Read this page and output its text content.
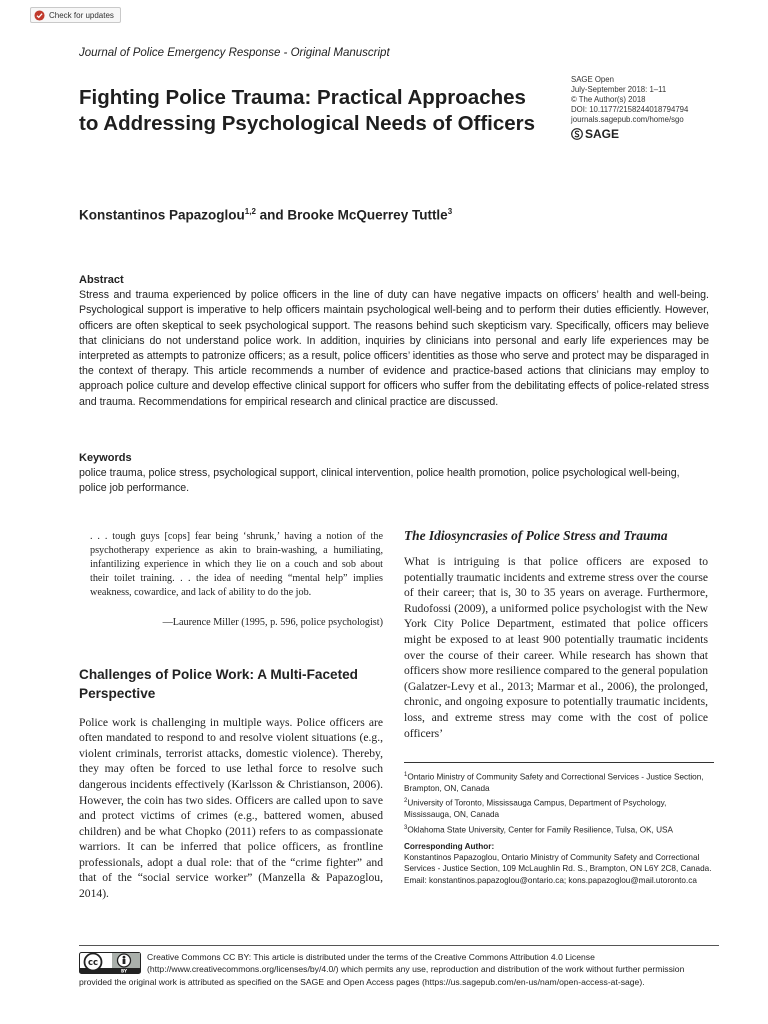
Check for updates
Journal of Police Emergency Response - Original Manuscript
SAGE Open
July-September 2018: 1–11
© The Author(s) 2018
DOI: 10.1177/2158244018794794
journals.sagepub.com/home/sgo
SAGE
Fighting Police Trauma: Practical Approaches to Addressing Psychological Needs of Officers
Konstantinos Papazoglou$^{1,2}$ and Brooke McQuerrey Tuttle$^3$
Abstract
Stress and trauma experienced by police officers in the line of duty can have negative impacts on officers’ health and well-being. Psychological support is imperative to help officers maintain psychological well-being and to perform their duties efficiently. However, officers are often skeptical to seek psychological support. The reasons behind such skepticism vary. Specifically, officers may believe that clinicians do not understand police work. In addition, inquiries by clinicians into personal and early life experiences may be interpreted as attempts to patronize officers; as a result, police officers’ identities as those who serve and protect may be disparaged in the context of therapy. This article recommends a number of evidence and practice-based actions that clinicians may employ to approach police culture and develop effective clinical support for officers who suffer from the debilitating effects of police-related stress and trauma. Recommendations for empirical research and clinical practice are discussed.
Keywords
police trauma, police stress, psychological support, clinical intervention, police health promotion, police psychological well-being, police job performance.
. . . tough guys [cops] fear being ‘shrunk,’ having a notion of the psychotherapy experience as akin to brain-washing, a humiliating, infantilizing experience in which they lie on a couch and sob about their toilet training. . . the idea of needing “mental help” implies weakness, cowardice, and lack of ability to do the job.
—Laurence Miller (1995, p. 596, police psychologist)
Challenges of Police Work: A Multi-Faceted Perspective

Police work is challenging in multiple ways. Police officers are often mandated to respond to and resolve violent situations (e.g., violent criminals, terrorist attacks, domestic violence). Thereby, they may often be forced to use lethal force to resolve such dangerous incidents effectively (Karlsson & Christianson, 2006). However, the coin has two sides. Officers are called upon to save and protect victims of crimes (e.g., battered women, abused children) and be what Chopko (2011) refers to as compassionate warriors. It can be inferred that police officers, as frontline professionals, adopt a dual role: that of the “crime fighter” and that of the “social service worker” (Manzella & Papazoglou, 2014).

The Idiosyncrasies of Police Stress and Trauma

What is intriguing is that police officers are exposed to potentially traumatic incidents and extreme stress over the course of their career; that is, 30 to 35 years on average. Furthermore, Rudofossi (2009), a uniformed police psychologist with the New York City Police Department, estimated that police officers might be exposed to at least 900 potentially traumatic incidents over the course of their career. While research has shown that officers show more resilience compared to the general population (Galatzer-Levy et al., 2013; Marmar et al., 2006), the prolonged, chronic, and ongoing exposure to potentially traumatic incidents, loss, and extreme stress may come with the cost of police officers’

$^1$Ontario Ministry of Community Safety and Correctional Services - Justice Section, Brampton, ON, Canada
$^2$University of Toronto, Mississauga Campus, Department of Psychology, Mississauga, ON, Canada
$^3$Oklahoma State University, Center for Family Resilience, Tulsa, OK, USA
Corresponding Author:
Konstantinos Papazoglou, Ontario Ministry of Community Safety and Correctional Services - Justice Section, 109 McLaughlin Rd. S., Brampton, ON L6Y 2C8, Canada.
Email: konstantinos.papazoglou@ontario.ca; kons.papazoglou@mail.utoronto.ca
cc
BY
Creative Commons CC BY: This article is distributed under the terms of the Creative Commons Attribution 4.0 License (http://www.creativecommons.org/licenses/by/4.0/) which permits any use, reproduction and distribution of the work without further permission provided the original work is attributed as specified on the SAGE and Open Access pages (https://us.sagepub.com/en-us/nam/open-access-at-sage).
